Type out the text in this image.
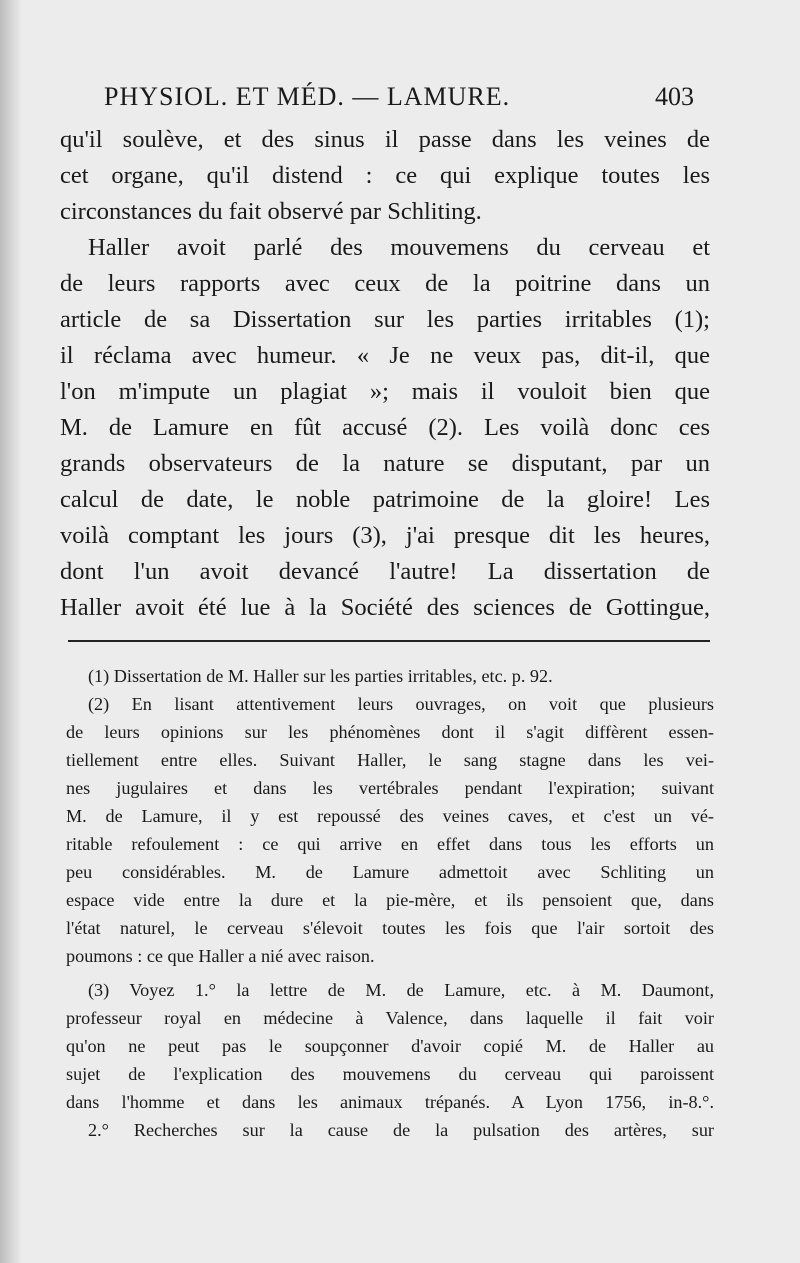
PHYSIOL. ET MÉD. — LAMURE.	403
qu'il soulève, et des sinus il passe dans les veines de
cet organe, qu'il distend : ce qui explique toutes les
circonstances du fait observé par Schliting.
Haller avoit parlé des mouvemens du cerveau et
de leurs rapports avec ceux de la poitrine dans un
article de sa Dissertation sur les parties irritables (1);
il réclama avec humeur. « Je ne veux pas, dit-il, que
l'on m'impute un plagiat »; mais il vouloit bien que
M. de Lamure en fût accusé (2). Les voilà donc ces
grands observateurs de la nature se disputant, par un
calcul de date, le noble patrimoine de la gloire! Les
voilà comptant les jours (3), j'ai presque dit les heures,
dont l'un avoit devancé l'autre! La dissertation de
Haller avoit été lue à la Société des sciences de Gottingue,
(1) Dissertation de M. Haller sur les parties irritables, etc. p. 92.
(2) En lisant attentivement leurs ouvrages, on voit que plusieurs
de leurs opinions sur les phénomènes dont il s'agit diffèrent essen-
tiellement entre elles. Suivant Haller, le sang stagne dans les vei-
nes jugulaires et dans les vertébrales pendant l'expiration; suivant
M. de Lamure, il y est repoussé des veines caves, et c'est un vé-
ritable refoulement : ce qui arrive en effet dans tous les efforts un
peu considérables. M. de Lamure admettoit avec Schliting un
espace vide entre la dure et la pie-mère, et ils pensoient que, dans
l'état naturel, le cerveau s'élevoit toutes les fois que l'air sortoit des
poumons : ce que Haller a nié avec raison.
(3) Voyez 1.° la lettre de M. de Lamure, etc. à M. Daumont,
professeur royal en médecine à Valence, dans laquelle il fait voir
qu'on ne peut pas le soupçonner d'avoir copié M. de Haller au
sujet de l'explication des mouvemens du cerveau qui paroissent
dans l'homme et dans les animaux trépanés. A Lyon 1756, in-8.°.
2.° Recherches sur la cause de la pulsation des artères, sur
